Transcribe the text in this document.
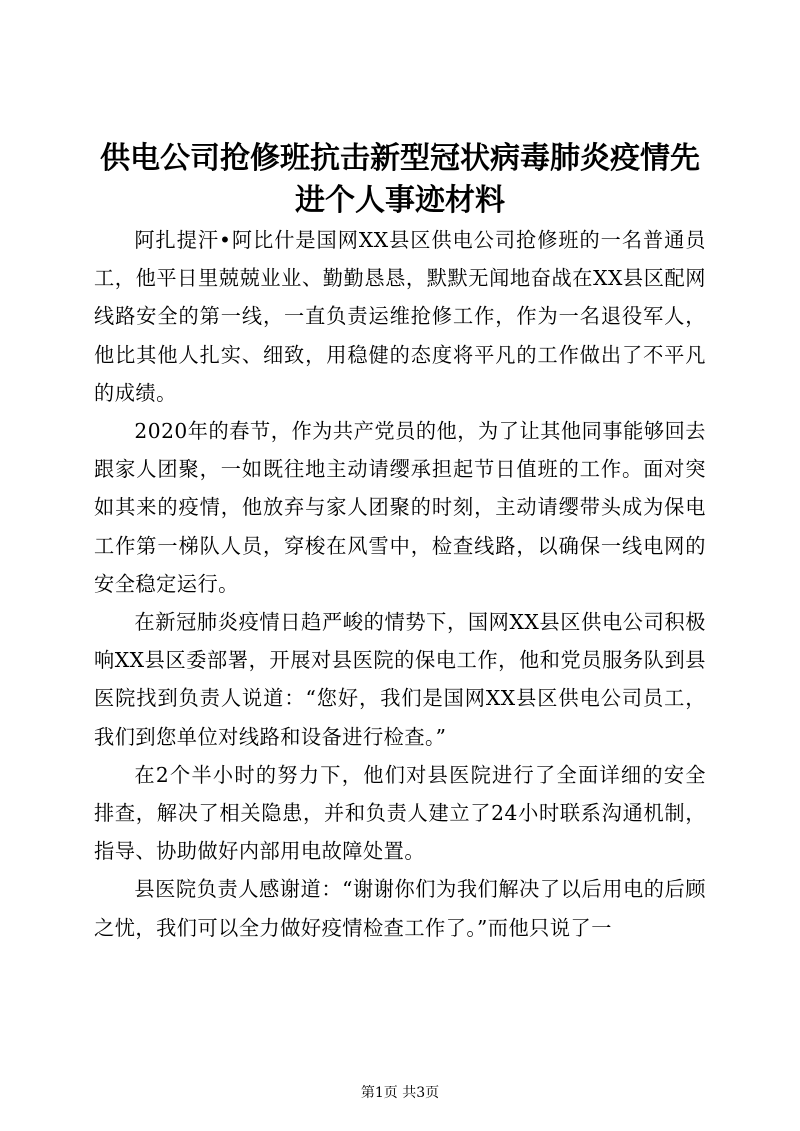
供电公司抢修班抗击新型冠状病毒肺炎疫情先进个人事迹材料

阿扎提汗•阿比什是国网XX县区供电公司抢修班的一名普通员工，他平日里兢兢业业、勤勤恳恳，默默无闻地奋战在XX县区配网线路安全的第一线，一直负责运维抢修工作，作为一名退役军人，他比其他人扎实、细致，用稳健的态度将平凡的工作做出了不平凡的成绩。

2020年的春节，作为共产党员的他，为了让其他同事能够回去跟家人团聚，一如既往地主动请缨承担起节日值班的工作。面对突如其来的疫情，他放弃与家人团聚的时刻，主动请缨带头成为保电工作第一梯队人员，穿梭在风雪中，检查线路，以确保一线电网的安全稳定运行。

在新冠肺炎疫情日趋严峻的情势下，国网XX县区供电公司积极响XX县区委部署，开展对县医院的保电工作，他和党员服务队到县医院找到负责人说道：“您好，我们是国网XX县区供电公司员工，我们到您单位对线路和设备进行检查。”

在2个半小时的努力下，他们对县医院进行了全面详细的安全排查，解决了相关隐患，并和负责人建立了24小时联系沟通机制，指导、协助做好内部用电故障处置。

县医院负责人感谢道：“谢谢你们为我们解决了以后用电的后顾之忧，我们可以全力做好疫情检查工作了。”而他只说了一

第1页 共3页
